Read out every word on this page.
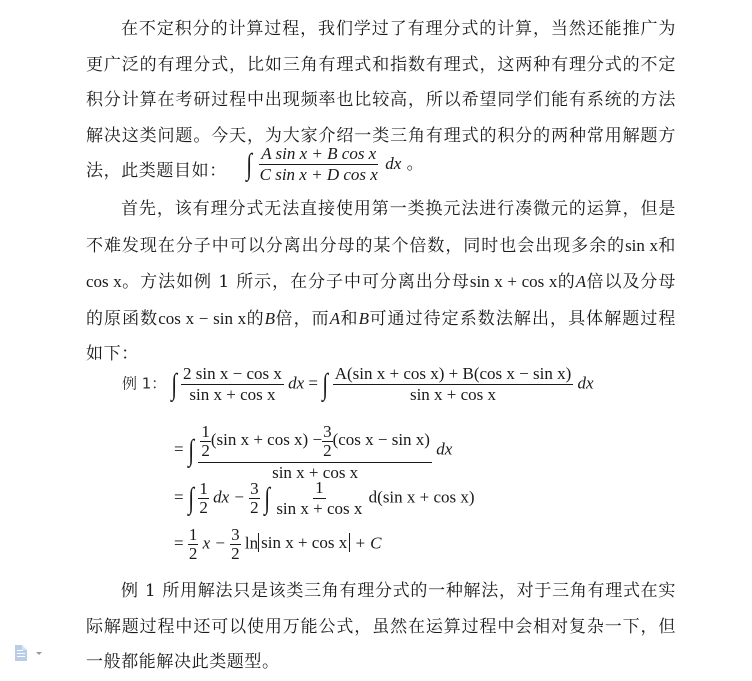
在不定积分的计算过程，我们学过了有理分式的计算，当然还能推广为更广泛的有理分式，比如三角有理式和指数有理式，这两种有理分式的不定积分计算在考研过程中出现频率也比较高，所以希望同学们能有系统的方法解决这类问题。今天，为大家介绍一类三角有理式的积分的两种常用解题方法，此类题目如： ∫ $\frac{\text{A sin x + B cos x}}{\text{C sin x + D cos x}}$ dx 。

首先，该有理分式无法直接使用第一类换元法进行凑微元的运算，但是不难发现在分子中可以分离出分母的某个倍数，同时也会出现多余的sin x和cos x。方法如例 1 所示，在分子中可分离出分母sin x + cos x的A倍以及分母的原函数cos x − sin x的B倍，而A和B可通过待定系数法解出，具体解题过程如下：

例 1： ∫ $\frac{\text{2 sin x − cos x}}{\text{sin x + cos x}}$ dx = ∫ $\frac{\text{A(sin x + cos x) + B(cos x − sin x)}}{\text{sin x + cos x}}$ dx
= ∫ $\frac{\frac{1}{2} (\sin x + \cos x) - \frac{3}{2} (\cos x - \sin x)}{\text{sin x + cos x}}$ dx
= ∫ $\frac{1}{2}$ dx − $\frac{3}{2}$ ∫ $\frac{1}{\text{sin x + cos x}} d(\sin$ x + cos x)
= $\frac{1}{2}$ $x - \frac{3}{2}$ ln sin x + cos x + C

例 1 所用解法只是该类三角有理分式的一种解法，对于三角有理式在实际解题过程中还可以使用万能公式，虽然在运算过程中会相对复杂一下，但一般都能解决此类题型。
